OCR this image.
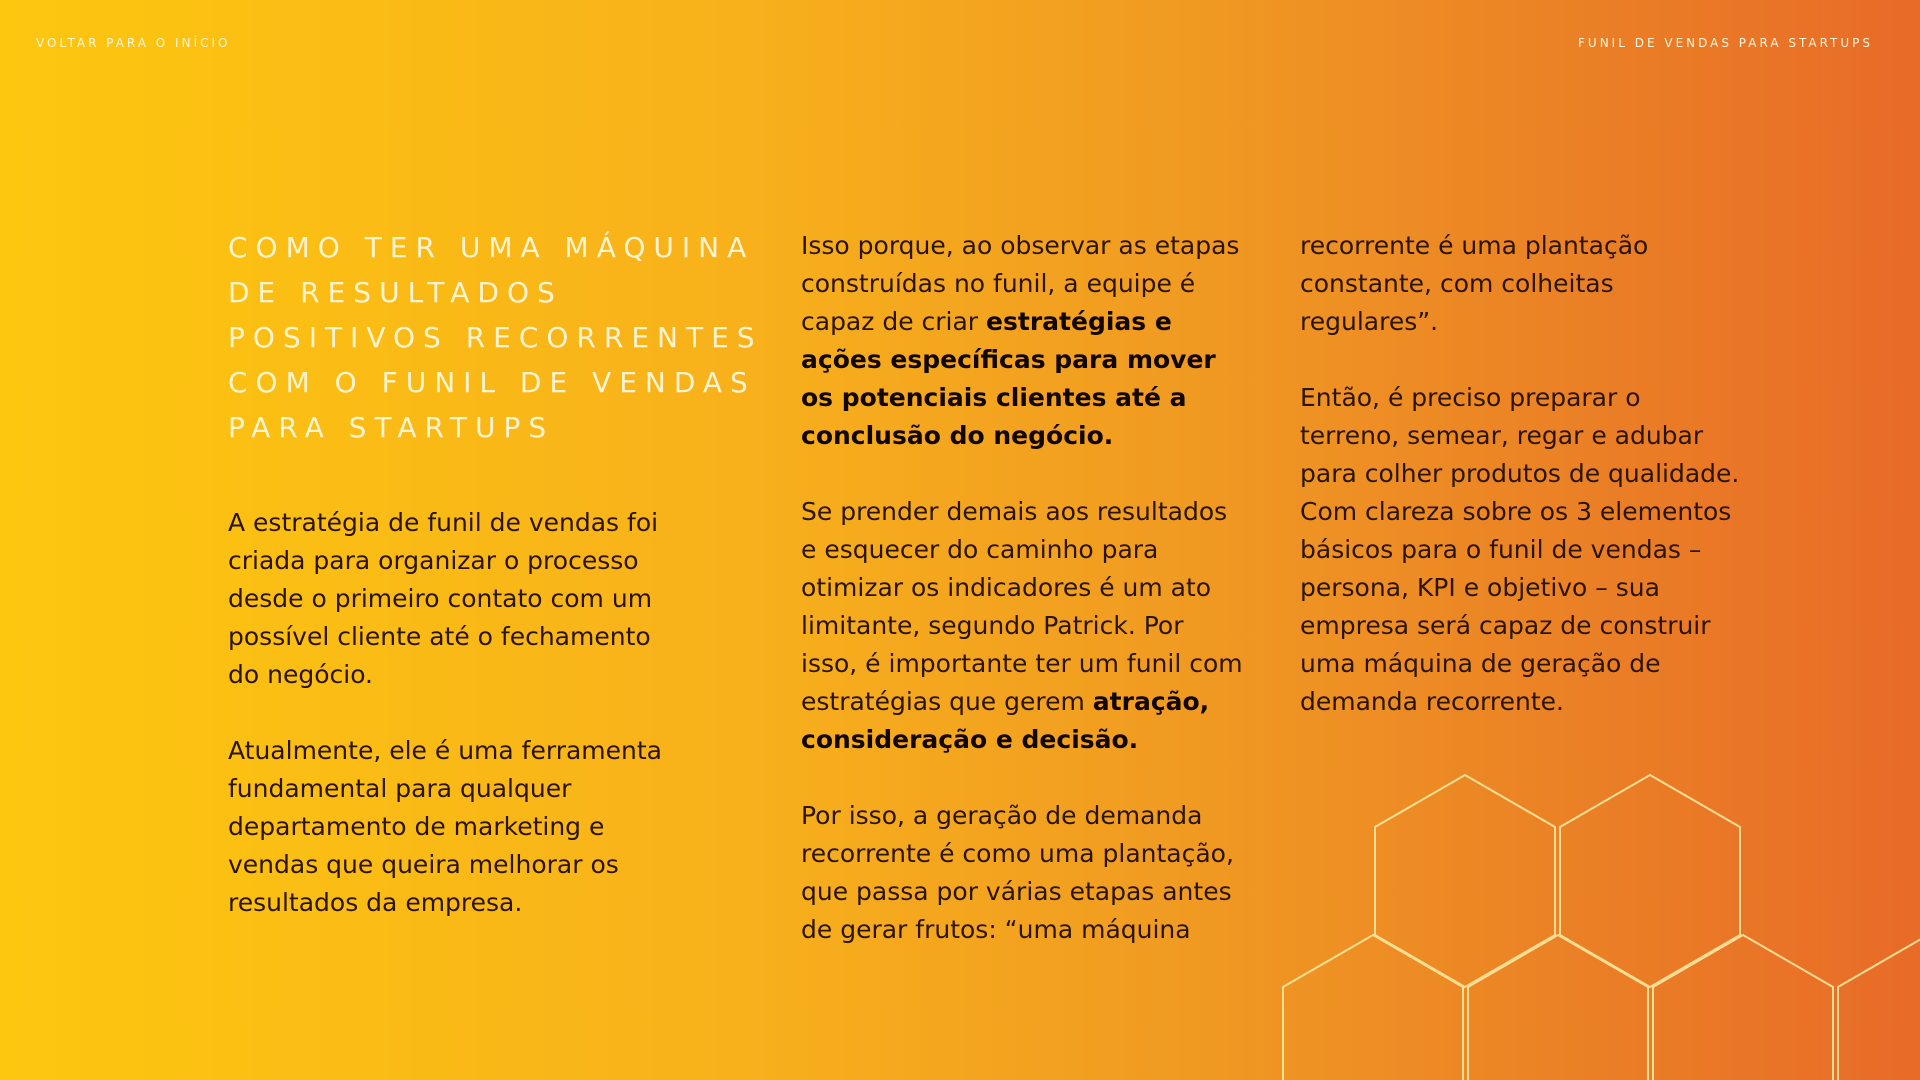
VOLTAR PARA O INÍCIO	FUNIL DE VENDAS PARA STARTUPS
COMO TER UMA MÁQUINA DE RESULTADOS POSITIVOS RECORRENTES COM O FUNIL DE VENDAS PARA STARTUPS

A estratégia de funil de vendas foi criada para organizar o processo desde o primeiro contato com um possível cliente até o fechamento do negócio.

Atualmente, ele é uma ferramenta fundamental para qualquer departamento de marketing e vendas que queira melhorar os resultados da empresa.

Isso porque, ao observar as etapas construídas no funil, a equipe é capaz de criar estratégias e ações específicas para mover os potenciais clientes até a conclusão do negócio.

Se prender demais aos resultados e esquecer do caminho para otimizar os indicadores é um ato limitante, segundo Patrick. Por isso, é importante ter um funil com estratégias que gerem atração, consideração e decisão.

Por isso, a geração de demanda recorrente é como uma plantação, que passa por várias etapas antes de gerar frutos: “uma máquina

recorrente é uma plantação constante, com colheitas regulares”.

Então, é preciso preparar o terreno, semear, regar e adubar para colher produtos de qualidade.

Com clareza sobre os 3 elementos básicos para o funil de vendas – persona, KPI e objetivo – sua empresa será capaz de construir uma máquina de geração de demanda recorrente.
